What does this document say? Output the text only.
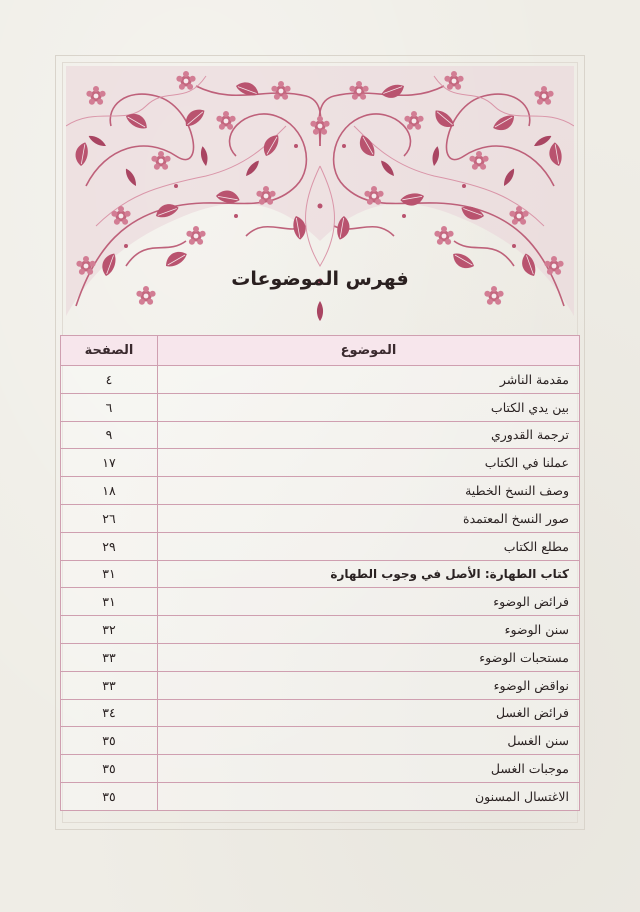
فهرس الموضوعات
الموضوع	الصفحة
مقدمة الناشر	٤
بين يدي الكتاب	٦
ترجمة القدوري	٩
عملنا في الكتاب	١٧
وصف النسخ الخطية	١٨
صور النسخ المعتمدة	٢٦
مطلع الكتاب	٢٩
كتاب الطهارة: الأصل في وجوب الطهارة	٣١
فرائض الوضوء	٣١
سنن الوضوء	٣٢
مستحبات الوضوء	٣٣
نواقض الوضوء	٣٣
فرائض الغسل	٣٤
سنن الغسل	٣٥
موجبات الغسل	٣٥
الاغتسال المسنون	٣٥
